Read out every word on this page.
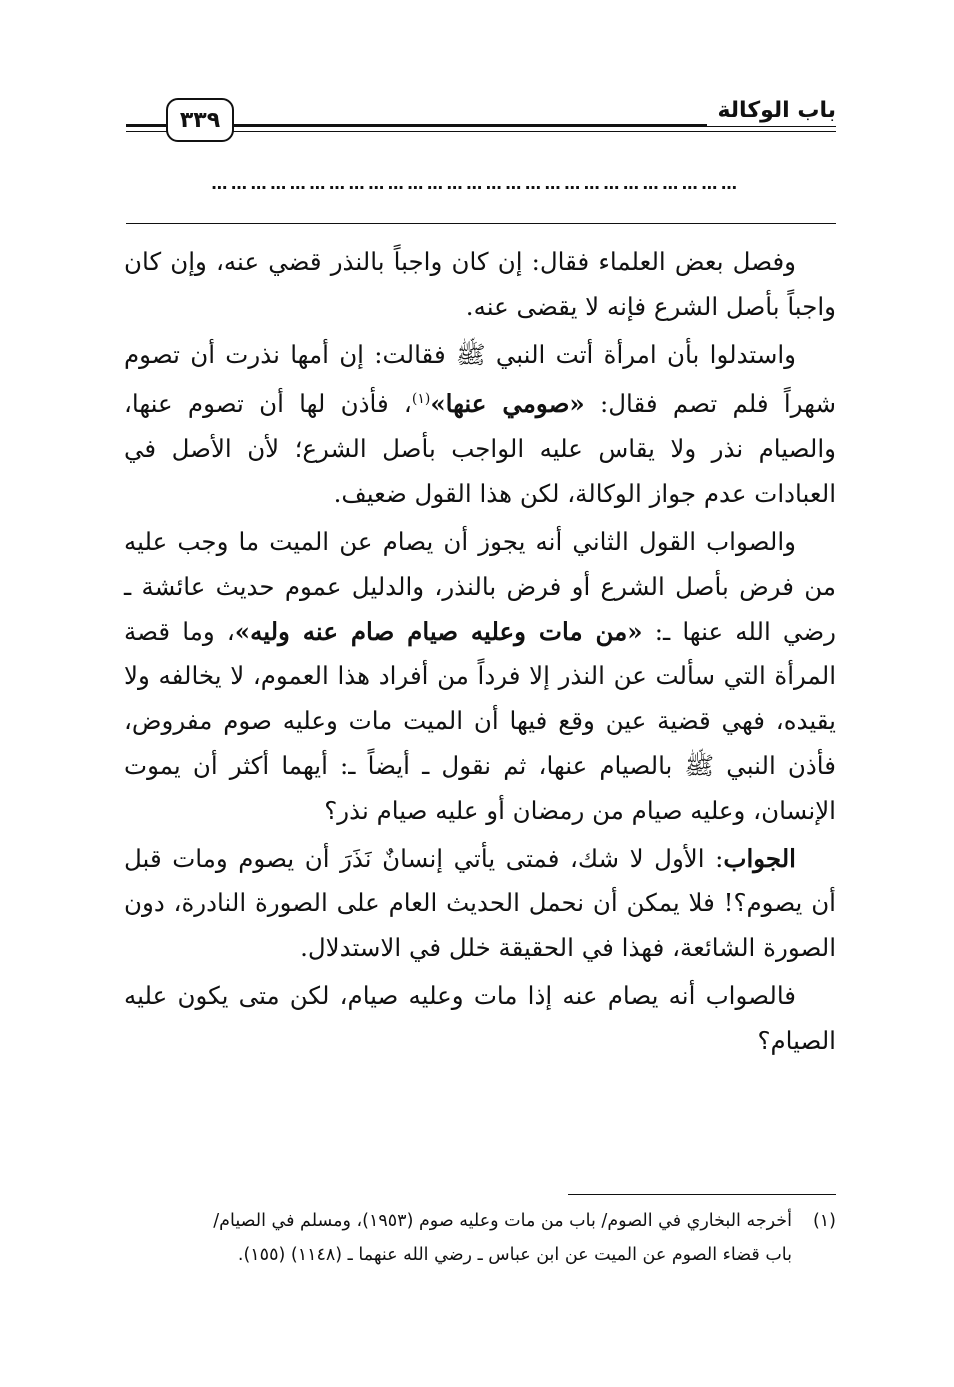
باب الوكالة
٣٣٩
………………………………………………………………………

وفصل بعض العلماء فقال: إن كان واجباً بالنذر قضي عنه، وإن كان واجباً بأصل الشرع فإنه لا يقضى عنه.

واستدلوا بأن امرأة أتت النبي ﷺ فقالت: إن أمها نذرت أن تصوم شهراً فلم تصم فقال: «صومي عنها»$^{(١)}$، فأذن لها أن تصوم عنها، والصيام نذر ولا يقاس عليه الواجب بأصل الشرع؛ لأن الأصل في العبادات عدم جواز الوكالة، لكن هذا القول ضعيف.

والصواب القول الثاني أنه يجوز أن يصام عن الميت ما وجب عليه من فرض بأصل الشرع أو فرض بالنذر، والدليل عموم حديث عائشة ـ رضي الله عنها ـ: «من مات وعليه صيام صام عنه وليه»، وما قصة المرأة التي سألت عن النذر إلا فرداً من أفراد هذا العموم، لا يخالفه ولا يقيده، فهي قضية عين وقع فيها أن الميت مات وعليه صوم مفروض، فأذن النبي ﷺ بالصيام عنها، ثم نقول ـ أيضاً ـ: أيهما أكثر أن يموت الإنسان، وعليه صيام من رمضان أو عليه صيام نذر؟

الجواب: الأول لا شك، فمتى يأتي إنسانٌ نَذَرَ أن يصوم ومات قبل أن يصوم؟! فلا يمكن أن نحمل الحديث العام على الصورة النادرة، دون الصورة الشائعة، فهذا في الحقيقة خلل في الاستدلال.

فالصواب أنه يصام عنه إذا مات وعليه صيام، لكن متى يكون عليه الصيام؟

(١)أخرجه البخاري في الصوم/ باب من مات وعليه صوم (١٩٥٣)، ومسلم في الصيام/
باب قضاء الصوم عن الميت عن ابن عباس ـ رضي الله عنهما ـ (١١٤٨) (١٥٥).
